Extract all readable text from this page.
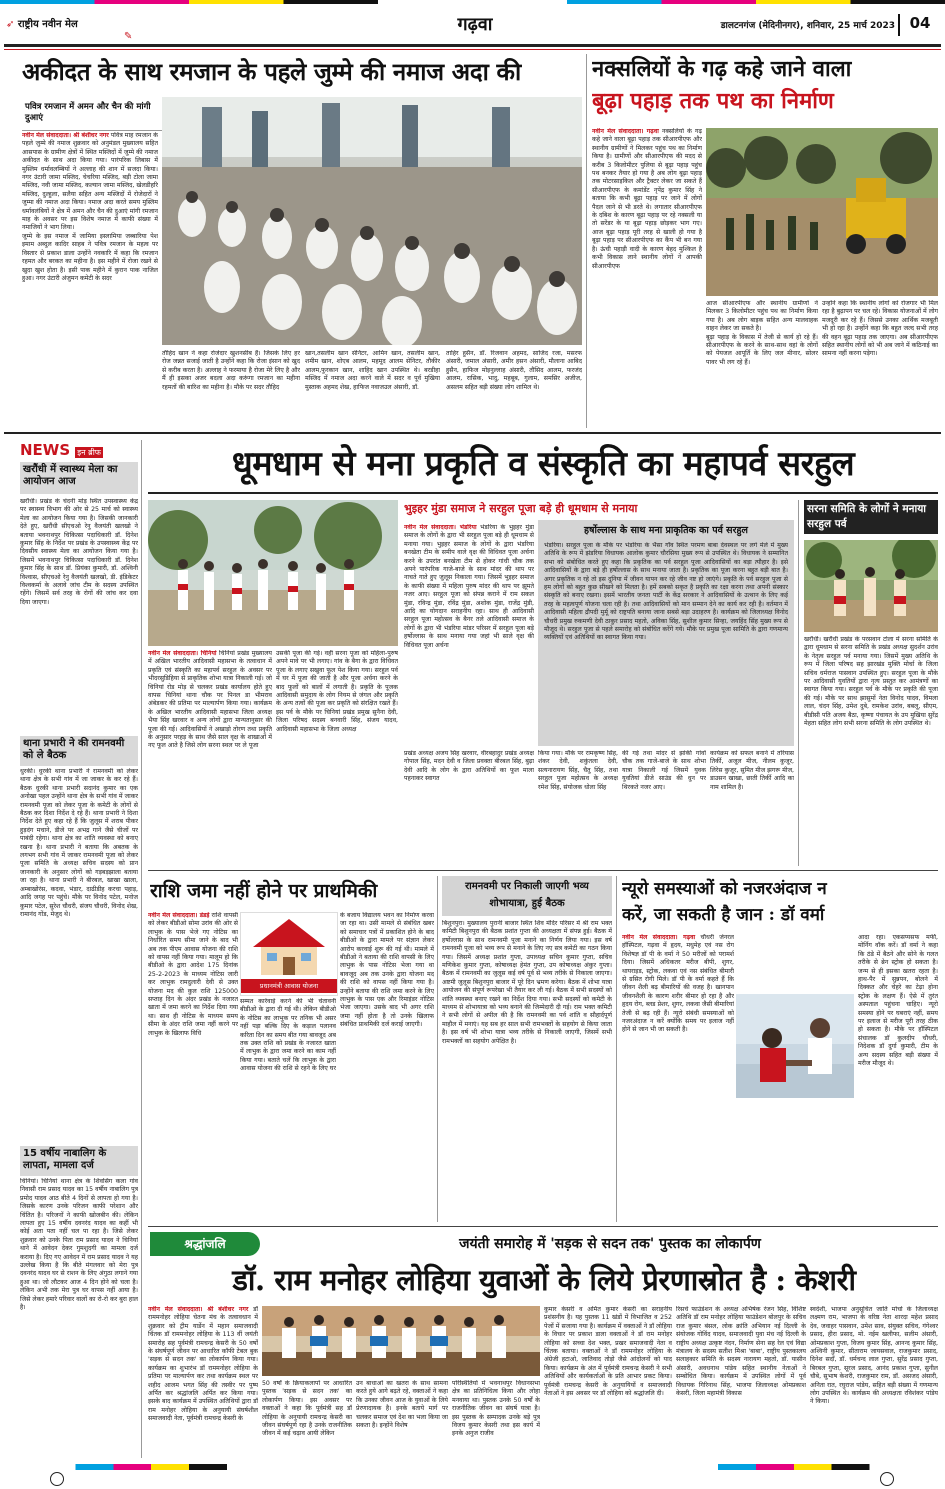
➶ राष्ट्रीय नवीन मेल
✎
गढ़वा	डालटनगंज (मेदिनीनगर), शनिवार, 25 मार्च 2023 04
अकीदत के साथ रमजान के पहले जुम्मे की नमाज अदा की
पवित्र रमजान में अमन और चैन की मांगी दुआएं
नवीन मेल संवाददाता। श्री बंशीधर नगर पवित्र माह रमजान के पहले जुम्मे की नमाज शुक्रवार को अनुमंडल मुख्यालय सहित आसपास के ग्रामीण क्षेत्रों में स्थित मस्जिदों में जुम्मे की नमाज अकीदत के साथ अदा किया गया। पारंपरिक लिबास में मुस्लिम धर्मावलम्बियों ने अल्लाह की शान में सजदा किया। नगर उंटारी जामा मस्जिद, चेचरिया मस्जिद, बड़ी टोला जामा मस्जिद, नवी जामा मस्जिद, कल्यान जामा मस्जिद, खेलडीहरि मस्जिद, दुल्हुला, सलैया सहित अन्य मस्जिदों में रोजेदारों ने जुम्मा की नमाज अदा किया। नमाज अदा करते समय मुस्लिम धर्मावलंबियों ने क्षेत्र में अमन और चैन की दुआएं मांगी रमजान माह के अवसर पर इस विशेष नमाज में काफी संख्या में नमाजियों ने भाग लिया।
जुम्मे के इस नमाज में जामिया इस्लामिया जब्बारिया पेश इमाम अब्दुल कादिर साहब ने पवित्र रमजान के महत्व पर विस्तार से प्रकाश डाला उन्होंने नवकारि में कहा कि रमजान रहमत और बरकत का महीना है। इस महीने में रोजा रखने से खुदा खुश होता है। इसी पाक महीने में कुरान पाक नाजिल हुआ। नगर उंटारी अंजुमन कमेटी के सदर
तौहिद खान ने कहा रोजेदार खुशनसीब हैं। जिसके लिए हर रोज जन्नत सजाई जाती है उन्होंने कहा कि रोजा इंसान को खुद से करीब करता है। अल्लाह ने फरमाया है रोजा मेरे लिए है और मैं ही इसका अजर बदला अदा करूंगा रमजान का महीना रहमतों की बारिश का महीना है। मौके पर सदर तौहिद
खान,तसलीम खान सेनिटर, आमिन खान, तसलीम खान, शमीम खान, शोएब आलम, महमूद आलम सेनिटर, तौकीर आलम,फुरकान खान, शाहिद खान उपस्थित थे। बरडीहा मस्जिद में नमाज अदा करने वाले में सदर व पूर्व मुखिया मुस्ताक अहमद शेख, हाफिज नवाजउल अंसारी, डॉ.
ताहिर हुसैन, डॉ. रिजवान अहमद, साजिद रजा, मसरफ अंसारी, जमाल अंसारी, अमीर हसन अंसारी, मौलाना आबिद हुसैन, हाफिज मोइनुल्लाह अंसारी, तौसिद आलम, फरजंद आलम, रासिक, भादु, महबूब, गुलाम, समसिर अजीज, असलम सहित बड़ी संख्या लोग शामिल थे।
नक्सलियों के गढ़ कहे जाने वाला
बूढ़ा पहाड़ तक पथ का निर्माण
नवीन मेल संवाददाता। गढ़वा नक्सलियों के गढ़ कहे जाने वाला बूढ़ा पहाड़ तक सीआरपीएफ और स्थानीय ग्रामीणों ने मिलकर पहुंच पथ का निर्माण किया है। ग्रामीणों और सीआरपीएफ की मदद से करीब 3 किलोमीटर पुलिया से बूढ़ा पहाड़ पहुंच पथ बनकर तैयार हो गया है अब लोग बूढ़ा पहाड़ तक मोटरसाइकिल और ट्रैक्टर लेकर जा सकते हैं सीआरपीएफ के कमांडेंट नृपेंद्र कुमार सिंह ने बताया कि कभी बूढ़ा पहाड़ पर जाने में लोगों पैदल जाने से भी डरते थे। लगातार सीआरपीएफ के दबिश के कारण बूढ़ा पहाड़ पर रहे नक्सली या तो सरेंडर के या बूढ़ा पहाड़ छोड़कर भाग गए। आज बूढ़ा पहाड़ पूरी तरह से खाली हो गया है बूढ़ा पहाड़ पर सीआरपीएफ का कैंप भी बन गया है। ऊंची पहाड़ी वादी के कारण बेहद मुश्किल है कभी विकास लाने स्थानीय लोगों ने आपकी सीआरपीएफ
आज सीआरपीएफ और स्थानीय ग्रामीणों ने मिलकर 3 किलोमीटर पहुंच पथ का निर्माण किया गया है। अब लोग बाइक सहित अन्य मालवाहक वाहन लेकर जा सकते है।
बूढ़ा पहाड़ के विकास में तेजी से कार्य हो रहे हैं। सीआरपीएफ के करने के साथ-साथ वहां के लोगों को पेयजल आपूर्ति के लिए जल मीनार, सोलर पावर भी लग रहे हैं।
उन्होंने कहा कि स्थानीय लोगों को रोजगार भी मिल रहा है बुढ़ापन पर चल रहे। विकास योजनाओं में लोग मजदूरी कर रहे हैं। जिससे उनका आर्थिक मजबूती भी हो रहा है। उन्होंने कहा कि बहुत जल्द सभी तरह की वहन बूढ़ा पहाड़ तक जाएगा। अब सीआरपीएफ सहित स्थानीय लोगों को भी अब जाने में कठिनाई का सामना नहीं करना पड़ेगा।
NEWS इन ब्रीफ
खरौंधी में स्वास्थ्य मेला का आयोजन आज
खरौंधी। प्रखंड के चंदनी मोड़ स्थित उपस्वास्थ्य केंद्र पर स्वास्थ्य विभाग की ओर से 25 मार्च को स्वास्थ्य मेला का आयोजन किया गया है। जिसकी जानकारी देते हुए, खरौंधी सीएचओ रेनु वैजयंती खलखो ने बताया भवनाथपुर चिकित्सा पदाधिकारी डॉ. दिनेश कुमार सिंह के निर्देश पर प्रखंड के उपस्वास्थ्य केंद्र पर दिवसीय स्वास्थ्य मेला का आयोजन किया गया है। जिसमें भवनाथपुर चिकित्सा पदाधिकारी डॉ. दिनेश कुमार सिंह के साथ डॉ. प्रियंका कुमारी, डॉ. अश्विनी विश्वास, सीएचओ रेनु वैजयंती खलखो, डी. इंडिकेटर विश्वकर्मा के अलावे जांच टीम के सदस्य उपस्थित रहेंगे। जिसमें सर्व तरह के रोगों की जांच कर दवा दिया जाएगा।
थाना प्रभारी ने की रामनवमी को ले बैठक
धुरकी। धुरकी थाना प्रभारी ने रामनवमी को लेकर थाना क्षेत्र के सभी गांव में जा जाकर के कर रहे हैं। बैठक धुरकी थाना प्रभारी सदानंद कुमार का एक अनोखा पहल उन्होंने थाना क्षेत्र के सभी गांव में जाकर रामनवमी पूजा को लेकर पूजा के कमेटी के लोगों से बैठक कर दिशा निर्देश दे रहे हैं। थाना प्रभारी ने दिशा निर्देश देते हुए कहा रहे हैं कि जुलूस में शराब पीकर हुड़दंग मचाने, डीजे पर अभद्र गाने जैसे चीजों पर पाबंदी रहेगा। थाना क्षेत्र का शांति व्यवस्था को बनाए रखना है। थाना प्रभारी ने बताया कि अबतक के लगभग सभी गांव में जाकर रामनवमी पूजा को लेकर पूजा समिति के अध्यक्ष सचिव सदस्य को प्रान जानकारी के अनुसार लोगों को गड़बड़झाला बताया जा रहा है। थाना प्रभारी ने बीरबल, खाखा खाला, अम्बाखोरंस, कदवा, भंडार, दाढीडीह करचा पहाड़, आदि जगह पर पहुंचे। मौके पर विनोद पटेल, मनोज कुमार पटेल, सुरेश चौधरी, संजय चौधरी, विनोद शेख, रामानंद गोंड, मेजुद थे।
15 वर्षीय नाबालिग के लापता, मामला दर्ज
चिनियां। चिनियां थाना क्षेत्र के शिवसिंग कला गांव निवासी राम प्रसाद यादव का 15 वर्षीय नाबालिग पुत्र प्रमोद यादव आठ बीते 4 दिनों से लापता हो गया है। जिसके कारण उनके परिजन काफी परेशान और चिंतित है। परिजनों ने काफी खोजबीन की। लेकिन लापता हुए 15 वर्षीय दवनरंद यादव का कहीं भी कोई अता पता नहीं चल पा रहा है। जिसे लेकर शुक्रवार को उनके पिता राम प्रसाद यादव ने चिनियां थाने में आवेदन देकर गुमशुदगी का मामला दर्ज कराया है। दिए गए आवेदन में राम प्रसाद यादव ने यह उल्लेख किया है कि बीते मंगलवार को मेरा पुत्र दवनरंद यादव घर से राशन के लिए अंगुठा लगाने गया हुआ था। जो लौटकर आज 4 दिन होने को चला है। लेकिन अभी तक मेरा पुत्र घर वापस नहीं आया है। जिसे लेकर हमारे परिवार वालों का रो-रो कर बुरा हाल है।
धूमधाम से मना प्रकृति व संस्कृति का महापर्व सरहुल
नवीन मेल संवाददाता। चिनियां चिनियां प्रखंड मुख्यालय में अखिल भारतीय आदिवासी महासभा के तत्वाधान में प्रकृति एवं संस्कृति का महापर्व सरहुल के अवसर पर भीदरसुडिहिया से प्राकृतिक शोभा यात्रा निकाली गई। जो चिनियां रोड मोड़ से चलकर प्रखंड कार्यालय होते हुए वापस चिनियां थाना चौक पर पिनल डा भीमराव अंबेडकर की प्रतिमा पर माल्यार्पण किया गया। कार्यक्रम के अखिल भारतीय आदिवासी महासभा जिला अध्यक्ष भैया सिंह खरवार व अन्य लोगों द्वारा मान्यतानुसार की पूजा की गई। आदिवासियों ने अखाड़ो तोरण तथा प्रकृति के अनुसार परहड़ के साथ जैसे साल वृक्ष के शाखाओं में नए फूल आते है जिसे लोग सरना स्थल पर ले पूजा
उसकी पूजा की गई। वहीं सरना पूजा को महिला-पुरुष अपने मावे पर भी लगाए। गांव के बैगा के द्वारा विधिवत पूजा के लगाए सखुवा फूल पेश किया गया। सरहुल पर्व में घर में पूजा की जाती है और पूजा अर्चना करने के बाद फूलों को बालों में लगाती है। प्रकृति के पूजक आदिवासी समुदाय के लोग नियम से जंगल और प्रकृति के अन्य तत्वों की पूजा कर प्रकृति को संरक्षित रखते हैं। इस पर्व के मौके पर चिनियां प्रखंड प्रमुख सुनैना देवी, जिला परिषद सदस्य बनवारी सिंह, संजय यादव, आदिवासी महासभा के जिला अध्यक्ष
भुइहर मुंडा समाज ने सरहुल पूजा बड़े ही धूमधाम से मनाया
नवीन मेल संवाददाता। भंडरिया भंडरिया के भुइहर मुंडा समाज के लोगों के द्वारा भी सरहुल पूजा बड़े ही धूमधाम से मनाया गया। भुइहर समाज के लोगों के द्वारा भंडरिया बनखेता टीम के समीप वाले वृक्ष की विधिवत पूजा अर्चना करने के उपरांत बनखेता टीम से होकर गांधी चौक तक अपने पारंपरिक गाजे-बाजे के साथ मांदर की थाप पर नाचते गाते हुए जुलूस निकाला गया। जिसमें भुइहर समाज के काफी संख्या में महिला पुरुष मांदर की थाप पर झूमते नजर आए। सरहुल पूजा को संपन्न कराने में राम सकल मुंडा, रविन्द्र मुंडा, रविंद्र मुंडा, अशोक मुंडा, राजेंद्र मुंडी, आदि का योगदान सराहनीय रहा। साथ ही आदिवासी सरहुल पूजा महोत्सव के बैनर तले आदिवासी समाज के लोगों के द्वारा भी भंडरिया मांडर परिसर में सरहुल पूजा बड़े हर्षोल्लास के साथ मनाया गया जहां भी साले वृक्ष की विधिवत पूजा अर्चना
हर्षोल्लास के साथ मना प्राकृतिक का पर्व सरहुल
भंडरिया। सरहुल पूजा के मौके पर भंडरिया के भैंसा गाँव स्थित परमण बाबा देवस्थल पर लगे मेले में मुख्य अतिथि के रूप में झंडरिया विधायक आलोक कुमार चौरसिया मुख्य रूप से उपस्थित थे। विधायक ने सम्मानित सभा को संबोधित करते हुए कहा कि प्रकृतिक का पर्व सरहुल पूजा आदिवासियों का बड़ा त्यौहार है। इसे आदिवासियों के द्वारा बड़े ही हर्षोल्लास के साथ मनाया जाता है। प्रकृतिक का पूजा करना बहुत बड़ी बात है। अगर प्रकृतिक न रहे तो इस दुनिया में जीवन यापन कर रहे जीव नष्ट हो जाएंगे। प्रकृति के पर्व सरहुल पूजा से हम लोगों को बहुत कुछ सीखने को मिलता है। हमें सबको सकृत है प्रकृति का रक्षा करना तथा अपनी संस्कार संस्कृति को बनाए रखना। इसमें भारतीय जनता पार्टी के केंद्र सरकार ने आदिवासियों के उत्थान के लिए कई तरह के महत्वपूर्ण योजना चला रही है। तथा आदिवासियों को मान सम्मान देने का कार्य कर रही है। वर्तमान में आदिवासी महिला द्रौपदी मुर्मू को राष्ट्रपति बनाया जाना सबसे बड़ा उदाहरण है। कार्यक्रम को जिलाध्यक्ष विनोद चौधरी प्रमुख रुकमणी देवी ठाकुर प्रसाद महतो, अविका सिंह, सुशील कुमार सिन्हा, जयहिंद सिंह मुख्य रूप से मौजूद थे। सरहुल पूजा से पहले समारोह को संबोधित करेंगे गये। मौके पर प्रमुख पूजा सामिति के द्वारा गणमान्य व्यक्तियों एवं अतिथियों का स्वागत किया गया।
किया गया। मौके पर रामकृष्ण सिंह, शंकर देवी, शकुंतला देवी, सत्यनारायण सिंह, चैतु सिंह, तथा सरहुल पूजा महोत्सव के अध्यक्ष रमेश सिंह, संयोजक धोला सिंह
की गई तथा मांदर से झांकी गांवों चौक तक गाजे-बाजे के साथ शोभा यात्रा निकाली गई जिसमें युवक युवतियां डीजे साउंड की धुन पर थिरकते नजर आए।
कार्यक्रम को सफल बनाने में तरियास तिर्की, अजूल मीज, नीलम कुजूर, लिरेस कुजूर, सुमित मीज झगरू मीज, डाउसन खाखा, छाती तिर्की आदि का नाम शामिल है।
प्रखंड अध्यक्ष अजय सिंह खरवार, वीरबहादुर प्रखंड अध्यक्ष गोपाल सिंह, मदन देवी व जिला प्रवक्ता बीरबल सिंह, बुढ़ा देवी आदि के लोग के द्वारा अतिथियों का फूल माला पहनाकर स्वागत
सरना समिति के लोगों ने मनाया सरहुल पर्व
खरौंधी। खरौंधी प्रखंड के परसवान टोला में सरना समिति के द्वारा धूमधाम से सरना समिति के प्रखंड अध्यक्ष सुदर्शन उरांव के नेतृत्व सरहुल पर्व मनाया गया। जिसमें मुख्य अतिथि के रूप में जिला परिषद सह झारखंड मुक्ति मोर्चा के जिला सचिव धर्मराज पासवान उपस्थित हुए। सरहुल पूजा के मौके पर आदिवासी युवतियों द्वारा नृत्य प्रस्तुत कर आमंत्रणों का स्वागत किया गया। सरहुल पर्व के मौके पर प्रकृति की पूजा की गई। मौके पर साथ झासुमों नेता विनोद यादव, विमला लाल, चंदन सिंह, उमेश दुबे, रामकेश उरांव, बबलू, सीएम, बीडीसी पति अजय बैठा, कृष्णा पंचायत के उप मुखिया सुरेंद्र मेहता सहित लोग सभी सरना समिति के लोग उपस्थित थे।
राशि जमा नहीं होने पर प्राथमिकी
नवीन मेल संवाददाता। डंडई राशि वापसी को लेकर बीडीओ सोमा उरांव की ओर से लाभुक के पास भेजे गए नोटिस का निर्धारित समय सीमा जाने के बाद भी अब तक पीएम आवास योजना की राशि को वापस नहीं किया गया। मालूम हो कि बीडीओ के द्वारा आदेश 175 दिनांक 25-2-2023 के माध्यम नोटिस जारी कर लाभुक रामदुलारी देवी से उक्त योजना मद की कुल राशि 125000 सप्ताह दिन के अंदर प्रखंड के नजारत खाता में जमा करने का निर्देश दिया गया था। साथ ही नोटिस के माध्यम समय सीमा के अंदर राशि जमा नहीं करने पर लाभुक के खिलाफ विधि
प्रधानमंत्री आवास योजना
सम्मत कार्रवाई करने की भी चेतावनी बीडीओ के द्वारा दी गई थी। लेकिन बीडीओ के नोटिस का लाभुक पर तनिक भी असर नहीं पड़ा बल्कि दिए के कड़ाल पलानव करिता दिन का समय बीत गया बावजूद अब तक उक्त राशि को प्रखंड के नजारत खाता में लाभुक के द्वारा जमा करने का काम नहीं किया गया। बताते चलें कि लाभुक के द्वारा आवास योजना की राशि से रहने के लिए घर
के बजाय विद्यालय भवन का निर्माण करवा जा रहा था। उसी मामले से संबंधित खबर को समाचार पत्रों में प्रकाशित होने के बाद बीडीओ के द्वारा मामले पर संज्ञान लेकर आरोप करवाई शुरू की गई थी। मामले में बीडीओ ने बताया की राशि वापसी के लिए लाभुक के पास नोटिस भेजा गया था बावजूद अब तक उनके द्वारा योजना मद की राशि को वापस नहीं किया गया है। उन्होंने बताया की राशि जमा करने के लिए लाभुक के पास एक और रिमाइंडर नोटिस भेजा जाएगा। उसके बाद भी अगर राशि जमा नहीं होता है तो उनके खिलाफ संबंधित प्राथमिकी दर्ज कराई जाएगी।
रामनवमी पर निकाली जाएगी भव्य शोभायात्रा, हुई बैठक
बिशुनपुरा। मुख्यालय पुरानी बाजार स्थित शिव मंदिर परिसर में श्री राम भक्त कमिटी बिशुनपुरा की बैठक प्रशांत गुप्ता की अध्यक्षता में संपन्न हुई। बैठक में हर्षोल्लास के साथ रामनवमी पूजा मनाने का निर्णय लिया गया। इस वर्ष रामनवमी पूजा को भव्य रूप से मनाने के लिए नए सत्र कमेटी का गठन किया गया। जिसमें अध्यक्ष प्रशांत गुप्ता, उपाध्यक्ष सचिन कुमार गुप्ता, सचिव मणिकेश कुमार गुप्ता, कोषाध्यक्ष हेमंत गुप्ता, उप कोषाध्यक्ष अंकुर गुप्ता। बैठक में रामनवमी का जुलूस कई वर्ष पूर्व से भव्य तरीके से निकाला जाएगा। अष्टमी जुलूस बिशुनपुरा बाजार में पूरे दिन भ्रमण करेगा। बैठक में शोभा यात्रा आयोजन की संपूर्ण रूपरेखा भी तैयार कर ली गई। बैठक में सभी सदस्यों को शांति व्यवस्था बनाए रखने का निर्देश दिया गया। सभी सदस्यों को कमेटी के माध्यम से शोभायात्रा को भव्य बनाने की जिम्मेदारी दी गई। राम भक्त कमिटी ने सभी लोगों से अपील की है कि रामनवमी का पर्व शांति व सौहार्दपूर्ण माहौल में मनाएं। यह सब हर साल सभी रामभक्तों के सहयोग से किया जाता है। इस वर्ष भी शोभा यात्रा भव्य तरीके से निकाली जाएगी, जिसमें सभी रामभक्तों का सहयोग अपेक्षित है।
न्यूरो समस्याओं को नजरअंदाज न
करें, जा सकती है जान : डॉ वर्मा
नवीन मेल संवाददाता। गढ़वा चौधरी जेनरल हॉस्पिटल, गढ़वा में हृदय, मधुमेह एवं नस रोग विशेषज्ञ डॉ पी के वर्मा ने 50 मरीजों को परामर्श दिया। जिसमें अधिकतर मरीज बीपी, शुगर, थायराइड, स्ट्रोक, लकवा एवं नस संबंधित बीमारी से ग्रसित रोगी मिले। डॉ पी के वर्मा कहते हैं कि जीवन शैली बढ़ बीमारियों की वजह है। खानपान जीवनशैली के कारण शरीर बीमार हो रहा है और हृदय रोग, ब्लड प्रेशर, शुगर, लकवा जैसी बीमारियां तेजी से बढ़ रही हैं। न्यूरो संबंधी समस्याओं को नजरअंदाज न करें क्योंकि समय पर इलाज नहीं होने से जान भी जा सकती है।
आदा रहा। एकसप्यसफ मर्फी, मोर्निग वॉक करें। डॉ वर्मा ने कहा कि ठंडे में बैठने और सोने के गलत तरीके से ब्रेन स्ट्रोक हो सकता है। जन्म से ही इसका खतरा रहता है। हाथ-पैर में सुन्नपन, बोलने में दिक्कत और चेहरे का टेढ़ा होना स्ट्रोक के लक्षण हैं। ऐसे में तुरंत अस्पताल पहुंचना चाहिए। न्यूरो समस्या होने पर घबराएं नहीं, समय पर इलाज से मरीज पूरी तरह ठीक हो सकता है। मौके पर हॉस्पिटल संचालक डॉ कुलदीप चौधरी, निदेशक डॉ दुर्गा कुमारी, टीम के अन्य सदस्य सहित बड़ी संख्या में मरीज मौजूद थे।
श्रद्धांजलि	जयंती समारोह में 'सड़क से सदन तक' पुस्तक का लोकार्पण
डॉ. राम मनोहर लोहिया युवाओं के लिये प्रेरणास्रोत है : केशरी
नवीन मेल संवाददाता। श्री बंशीधर नगर डॉ राममनोहर लोहिया चेतना मंच के तत्वावधान में शुक्रवार को ट्रीम यार्डेन में महान समाजवादी चिंतक डॉ राममनोहर लोहिया के 113 वीं जयंती समारोह सह पूर्वमंत्री रामचन्द्र केसरी के 50 वर्षों के संघर्षपूर्ण जीवन पर आधारित कॉफी टेबल बुक 'सड़क से सदन तक' का लोकार्पण किया गया। कार्यक्रम का शुभारंभ डॉ राममनोहर लोहिया के प्रतिमा पर माल्यार्पण कर तथा कार्यक्रम स्थल पर शहीद आजम भगत सिंह की तस्वीर पर पुष्प अर्पित कर श्रद्धांजलि अर्पित कर किया गया। इसके बाद कार्यक्रम में उपस्थित अतिथियों द्वारा डॉ राम मनोहर लोहिया के अनुयायी संघर्षशील समाजवादी नेता, पूर्वमंत्री रामचन्द्र केसरी के
50 वर्षों के क्रियाकलापों पर आधारित पुस्तक 'सड़क से सदन तक' का लोकार्पण किया। इस अवसर पर वक्ताओं ने कहा कि पूर्वमंत्री सह डॉ लोहिया के अनुयायी रामचन्द्र केसरी का जीवन संघर्षपूर्ण रहा है उनके राजनीतिक जीवन में कई चढ़ाव आयी लेकिन
उन बाधाओं का खतरा के साथ सामना करते हुये आगे बढ़ते रहे, वक्ताओं ने कहा कि उनका जीवन आज के युवाओं के लिये प्रेरणादायक है। इनके बताये मार्ग पर चलकर समाज एवं देश का भला किया जा सकता है। इन्होंने विशेष
परिस्थितियों में भवनाथपुर विधानसभा क्षेत्र का प्रतिनिधित्व किया और लोहा मनवाया था। पुस्तक उनके 50 वर्षों के राजनीतिक जीवन का संघर्ष यात्रा है। इस पुस्तक के सम्पादक उनके बड़े पुत्र विजय कुमार केसरी तथा इस कार्य में इनके अनुज राजीव
कुमार केसरी व अमित कुमार केसरी का सराहनीय प्रशंसनीय है। यह पुस्तक 11 खंडों में विभाजित व 252 पेजों में सजाया गया है। कार्यक्रम में वक्ताओं ने डॉ लोहिया के विचार पर प्रकाश डाला वक्ताओं ने डॉ राम मनोहर लोहिया को सच्चा देश भक्त, प्रखर समाजवादी नेता व चिंतक बताया। वक्ताओं ने डॉ राममनोहर लोहिया के अंग्रेजी हटाओ, जातिवाद तोड़ो जैसे आंदोलनों को याद किया। कार्यक्रम के अंत में पूर्वमंत्री रामचन्द्र केसरी ने सभी अतिथियों और कार्यकर्ताओं के प्रति आभार प्रकट किया। पूर्वमंत्री रामचन्द्र केसरी के अनुयायियों व समाजवादी नेताओं ने इस अवसर पर डॉ लोहिया को श्रद्धांजलि दी।
रिसर्च फाउंडेशन के अध्यक्ष अभिषेक रंजन सिंह, विशिष्ट अतिथि डॉ राम मनोहर लोहिया फाउंडेशन बोलपुर के सचिव राज कुमार बंसल, लोक क्रांति अभियान नई दिल्ली के संयोजक गोविंद यादव, समाजवादी युवा मंच नई दिल्ली के राष्ट्रीय अध्यक्ष उत्कृष्ट नंदन, निर्माण सेना सह रेल एवं विद्या मंत्रालय के सदस्य सतीश मिश्रा 'बाबा', राष्ट्रीय पुस्तकालय सलाहकार समिति के सदस्य नारायण महतो, डॉ. यासीन अंसारी, अवधनाथ पांडेय सहित स्थानीय नेताओं ने सम्बोधित किया। कार्यक्रम में उपस्थित लोगों में पूर्व विधायक गिरिनाथ सिंह, भाजपा जिलाध्यक्ष ओमप्रकाश केसरी, जिला महामंत्री विकास
स्वदेशी, भाजपा अनुसूचित जाति मोर्चा के जिलाध्यक्ष लक्ष्मण राम, भाजपा के वरिष्ठ नेता शारदा महेश प्रसाद देव, जवाहर पासवान, उमेश साव, संयुक्त सचिव, गंगेश्वर प्रसाद, हीरा प्रसाद, मो. नईम खलीफा, सलीम अंसारी, ओमप्रकाश गुप्ता, विजय कुमार सिंह, आनन्द कुमार सिंह, अश्विनी कुमार, सीताराम जायसवाल, राजकुमार प्रसाद, दिनेश सदाँ, डॉ. धर्मचन्द लाल गुप्ता, सुरेंद्र प्रसाद गुप्ता, बिरबल गुप्ता, सूरज प्रसाद, आनंद प्रकाश गुप्ता, सुनील चौबे, सुभाष केशरी, राजकुमार राम, डॉ. असजद अंसारी, अनिता रात, रघुराज पांडेय, सहित बड़ी संख्या में गणमान्य लोग उपस्थित थे। कार्यक्रम की अध्यक्षता रविशंकर पांडेय ने किया।
